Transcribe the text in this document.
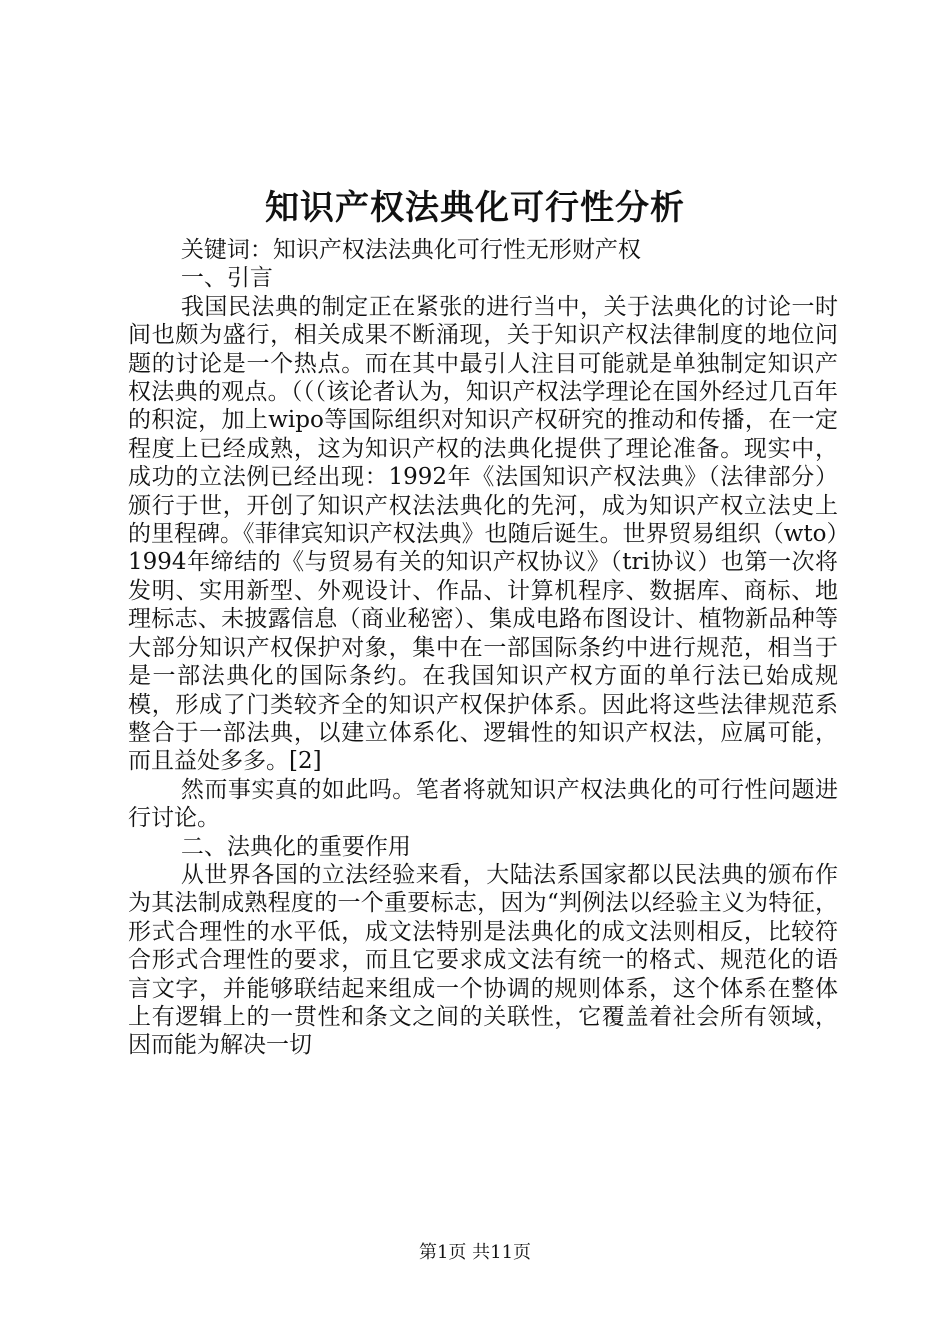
知识产权法典化可行性分析

关键词：知识产权法法典化可行性无形财产权

一、引言

我国民法典的制定正在紧张的进行当中，关于法典化的讨论一时间也颇为盛行，相关成果不断涌现，关于知识产权法律制度的地位问题的讨论是一个热点。而在其中最引人注目可能就是单独制定知识产权法典的观点。（（（该论者认为，知识产权法学理论在国外经过几百年的积淀，加上wipo等国际组织对知识产权研究的推动和传播，在一定程度上已经成熟，这为知识产权的法典化提供了理论准备。现实中，成功的立法例已经出现：1992年《法国知识产权法典》（法律部分）颁行于世，开创了知识产权法法典化的先河，成为知识产权立法史上的里程碑。《菲律宾知识产权法典》也随后诞生。世界贸易组织（wto）1994年缔结的《与贸易有关的知识产权协议》（tri协议）也第一次将发明、实用新型、外观设计、作品、计算机程序、数据库、商标、地理标志、未披露信息（商业秘密）、集成电路布图设计、植物新品种等大部分知识产权保护对象，集中在一部国际条约中进行规范，相当于是一部法典化的国际条约。在我国知识产权方面的单行法已始成规模，形成了门类较齐全的知识产权保护体系。因此将这些法律规范系整合于一部法典，以建立体系化、逻辑性的知识产权法，应属可能，而且益处多多。[2]

然而事实真的如此吗。笔者将就知识产权法典化的可行性问题进行讨论。

二、法典化的重要作用

从世界各国的立法经验来看，大陆法系国家都以民法典的颁布作为其法制成熟程度的一个重要标志，因为“判例法以经验主义为特征，形式合理性的水平低，成文法特别是法典化的成文法则相反，比较符合形式合理性的要求，而且它要求成文法有统一的格式、规范化的语言文字，并能够联结起来组成一个协调的规则体系，这个体系在整体上有逻辑上的一贯性和条文之间的关联性，它覆盖着社会所有领域，因而能为解决一切

第1页 共11页
